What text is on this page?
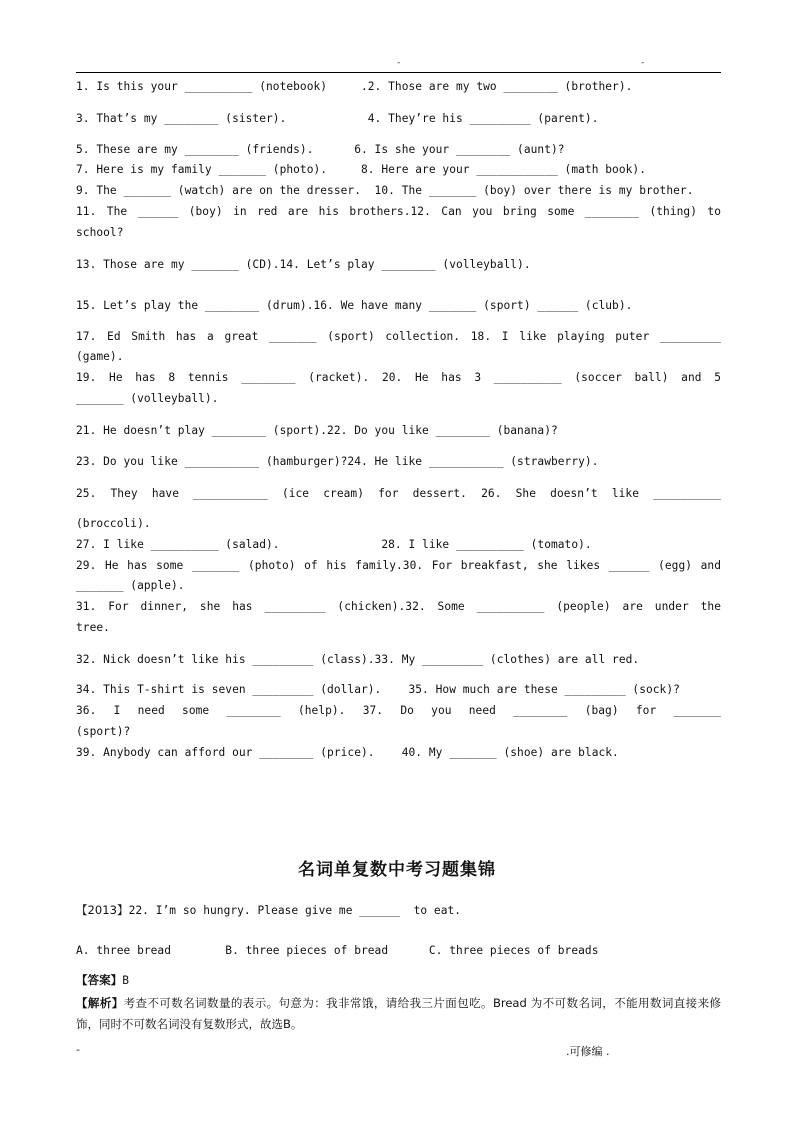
-	-
1. Is this your __________ (notebook)     .2. Those are my two ________ (brother).
3. That’s my ________ (sister).            4. They’re his _________ (parent).
5. These are my ________ (friends).      6. Is she your ________ (aunt)?
7. Here is my family _______ (photo).     8. Here are your ____________ (math book).
9. The _______ (watch) are on the dresser.  10. The _______ (boy) over there is my brother.
11. The ______ (boy) in red are his brothers.12. Can you bring some ________ (thing) to
school?
13. Those are my _______ (CD).14. Let’s play ________ (volleyball).
15. Let’s play the ________ (drum).16. We have many _______ (sport) ______ (club).
17. Ed Smith has a great _______ (sport) collection. 18. I like playing puter _________
(game).
19. He has 8 tennis ________ (racket). 20. He has 3 __________ (soccer ball) and 5
_______ (volleyball).
21. He doesn’t play ________ (sport).22. Do you like ________ (banana)?
23. Do you like ___________ (hamburger)?24. He like ___________ (strawberry).
25. They have ___________ (ice cream) for dessert. 26. She doesn’t like __________
(broccoli).
27. I like __________ (salad).               28. I like __________ (tomato).
29. He has some _______ (photo) of his family.30. For breakfast, she likes ______ (egg) and
_______ (apple).
31. For dinner, she has _________ (chicken).32. Some __________ (people) are under the
tree.
32. Nick doesn’t like his _________ (class).33. My _________ (clothes) are all red.
34. This T-shirt is seven _________ (dollar).    35. How much are these _________ (sock)?
36. I need some ________ (help). 37. Do you need ________ (bag) for _______
(sport)?
39. Anybody can afford our ________ (price).    40. My _______ (shoe) are black.
名词单复数中考习题集锦
【2013】22. I’m so hungry. Please give me ______  to eat.
A. three bread        B. three pieces of bread      C. three pieces of breads
【答案】B
【解析】考查不可数名词数量的表示。句意为：我非常饿，请给我三片面包吃。Bread 为不可数名词，不能用数词直接来修饰，同时不可数名词没有复数形式，故选B。
-	.可修编 .
